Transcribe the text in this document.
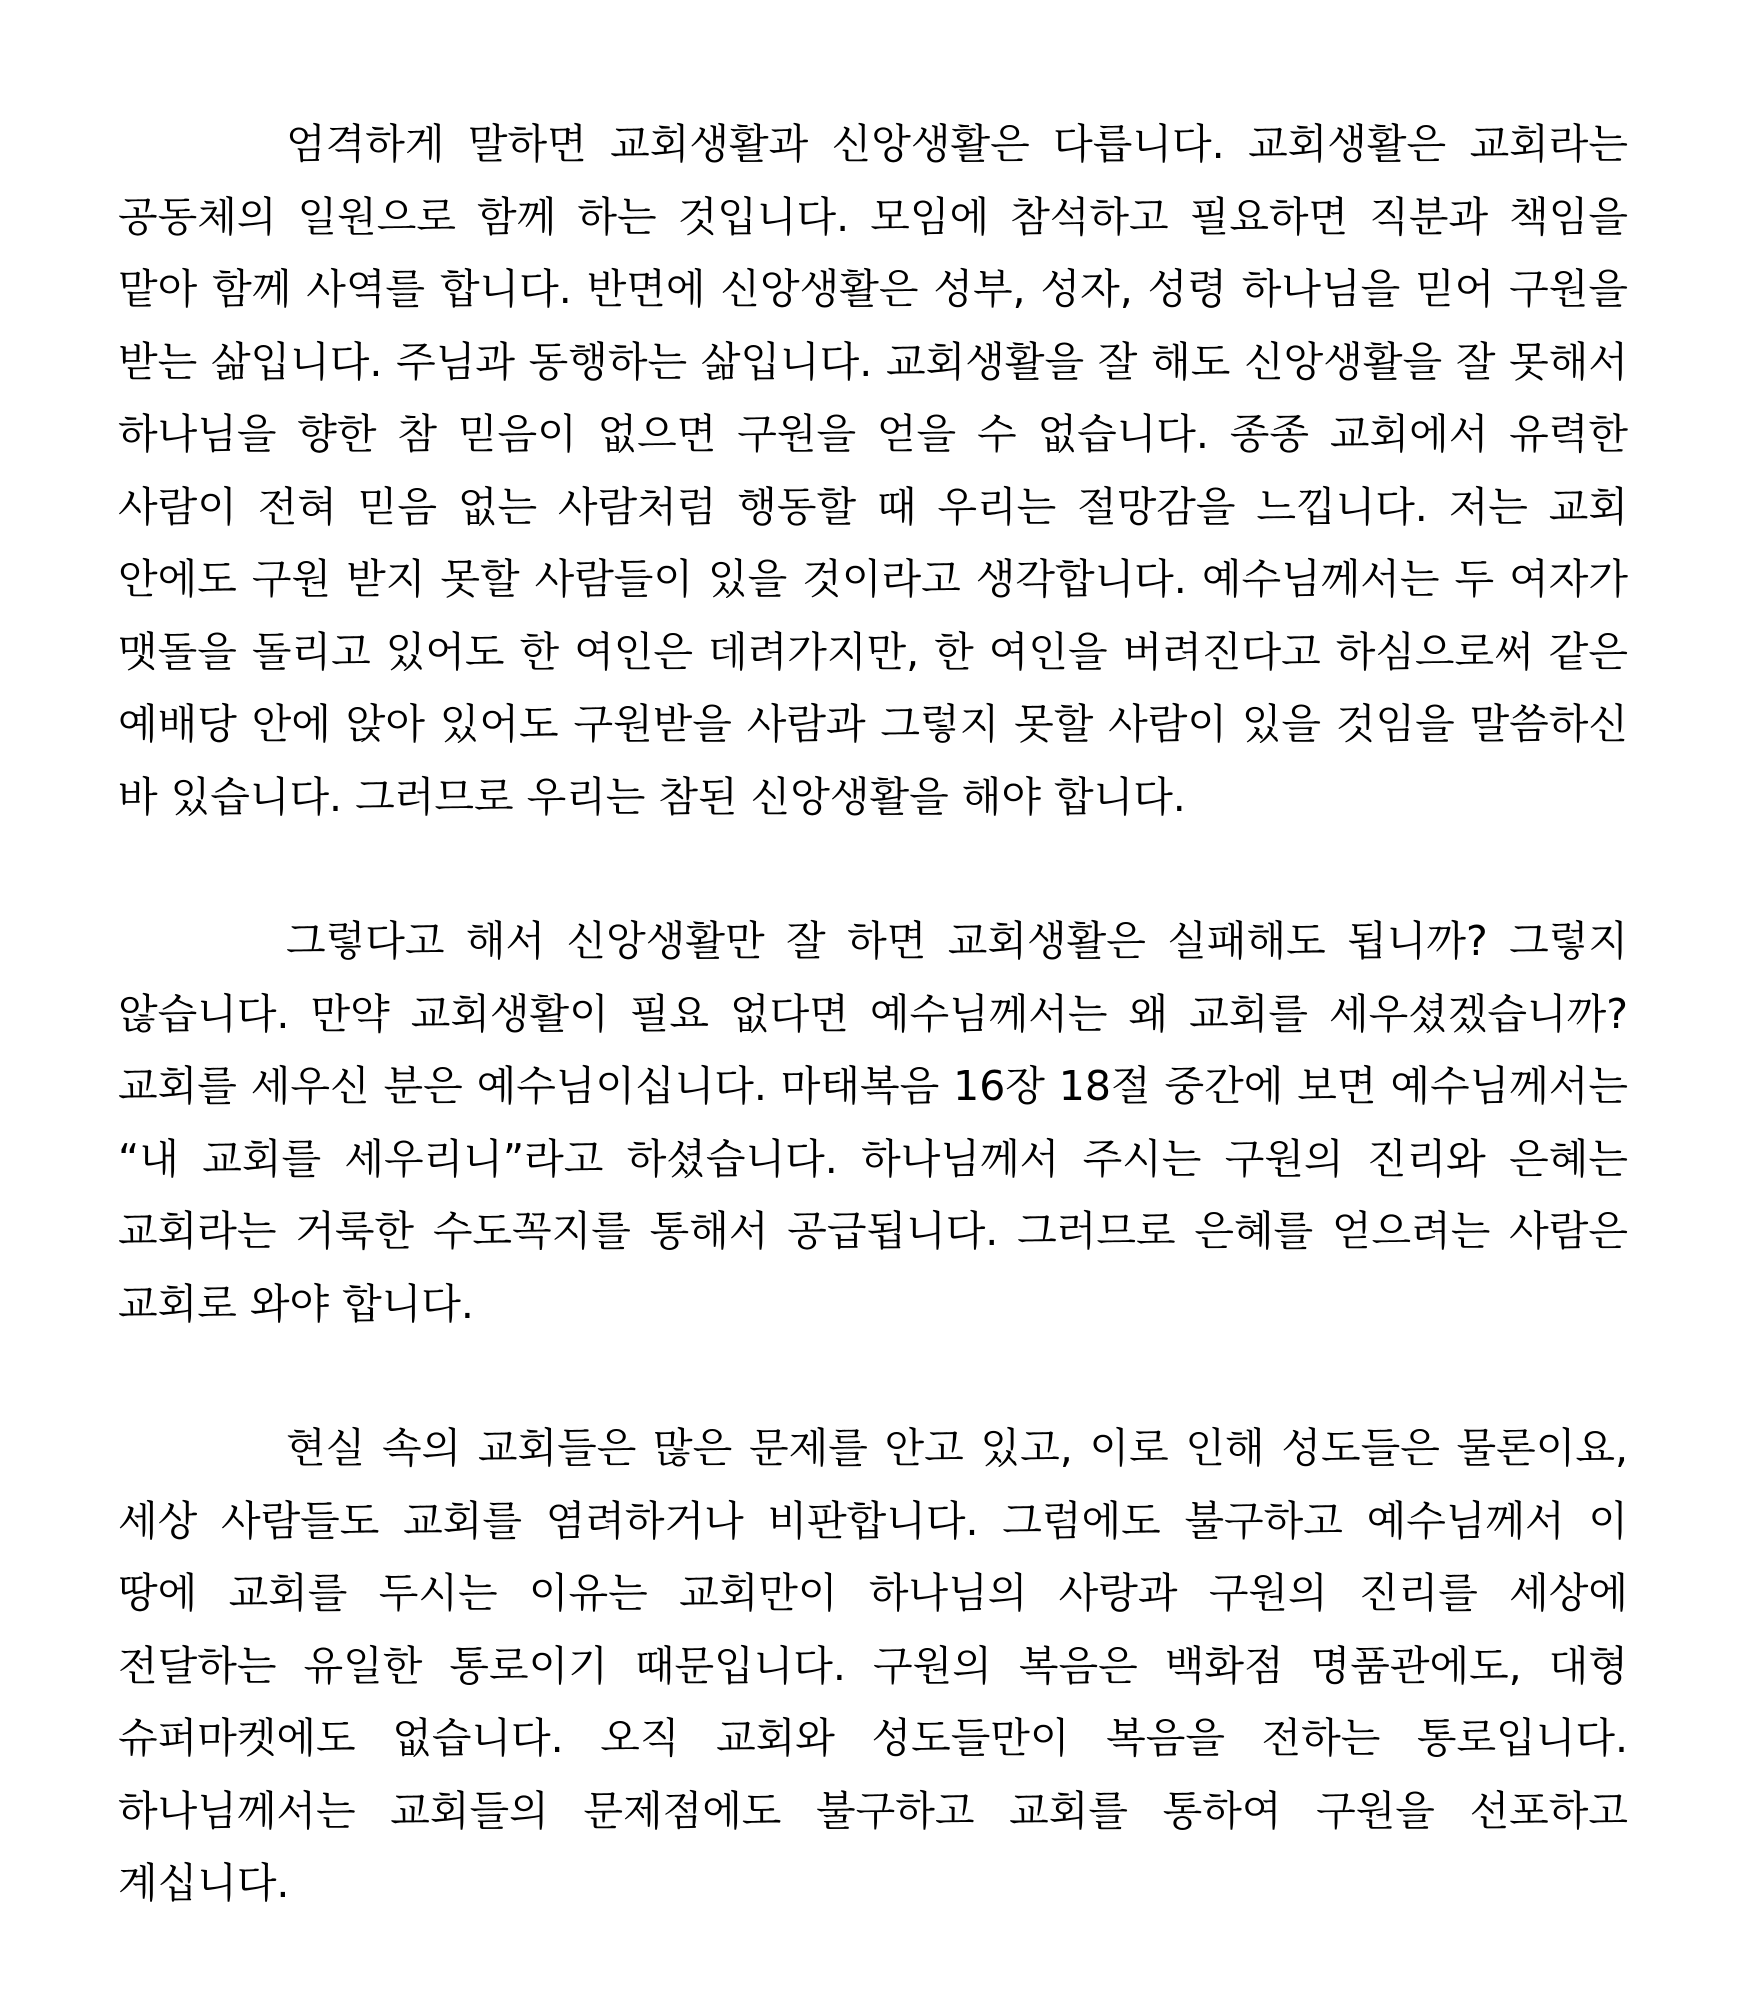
엄격하게 말하면 교회생활과 신앙생활은 다릅니다. 교회생활은 교회라는 공동체의 일원으로 함께 하는 것입니다. 모임에 참석하고 필요하면 직분과 책임을 맡아 함께 사역를 합니다. 반면에 신앙생활은 성부, 성자, 성령 하나님을 믿어 구원을 받는 삶입니다. 주님과 동행하는 삶입니다. 교회생활을 잘 해도 신앙생활을 잘 못해서 하나님을 향한 참 믿음이 없으면 구원을 얻을 수 없습니다. 종종 교회에서 유력한 사람이 전혀 믿음 없는 사람처럼 행동할 때 우리는 절망감을 느낍니다. 저는 교회 안에도 구원 받지 못할 사람들이 있을 것이라고 생각합니다. 예수님께서는 두 여자가 맷돌을 돌리고 있어도 한 여인은 데려가지만, 한 여인을 버려진다고 하심으로써 같은 예배당 안에 앉아 있어도 구원받을 사람과 그렇지 못할 사람이 있을 것임을 말씀하신 바 있습니다. 그러므로 우리는 참된 신앙생활을 해야 합니다.

그렇다고 해서 신앙생활만 잘 하면 교회생활은 실패해도 됩니까? 그렇지 않습니다. 만약 교회생활이 필요 없다면 예수님께서는 왜 교회를 세우셨겠습니까? 교회를 세우신 분은 예수님이십니다. 마태복음 16장 18절 중간에 보면 예수님께서는 “내 교회를 세우리니”라고 하셨습니다. 하나님께서 주시는 구원의 진리와 은혜는 교회라는 거룩한 수도꼭지를 통해서 공급됩니다. 그러므로 은혜를 얻으려는 사람은 교회로 와야 합니다.

현실 속의 교회들은 많은 문제를 안고 있고, 이로 인해 성도들은 물론이요, 세상 사람들도 교회를 염려하거나 비판합니다. 그럼에도 불구하고 예수님께서 이 땅에 교회를 두시는 이유는 교회만이 하나님의 사랑과 구원의 진리를 세상에 전달하는 유일한 통로이기 때문입니다. 구원의 복음은 백화점 명품관에도, 대형 슈퍼마켓에도 없습니다. 오직 교회와 성도들만이 복음을 전하는 통로입니다. 하나님께서는 교회들의 문제점에도 불구하고 교회를 통하여 구원을 선포하고 계십니다.
